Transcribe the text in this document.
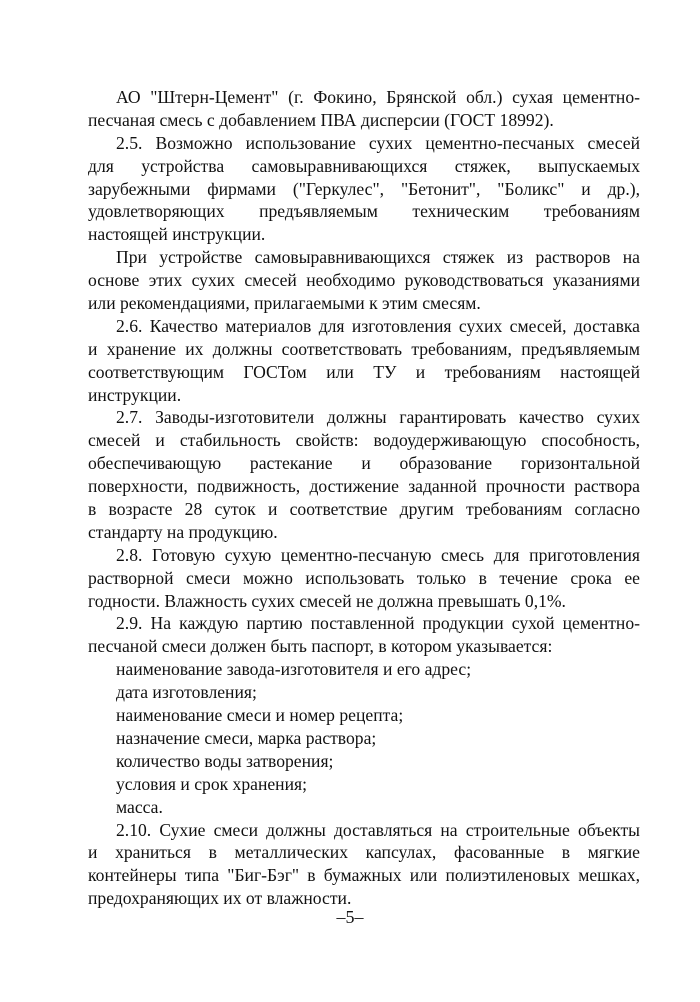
АО "Штерн-Цемент" (г. Фокино, Брянской обл.) сухая цементно-
песчаная смесь с добавлением ПВА дисперсии (ГОСТ 18992).
2.5. Возможно использование сухих цементно-песчаных смесей
для устройства самовыравнивающихся стяжек, выпускаемых
зарубежными фирмами ("Геркулес", "Бетонит", "Боликс" и др.),
удовлетворяющих предъявляемым техническим требованиям
настоящей инструкции.
При устройстве самовыравнивающихся стяжек из растворов на
основе этих сухих смесей необходимо руководствоваться указаниями
или рекомендациями, прилагаемыми к этим смесям.
2.6. Качество материалов для изготовления сухих смесей, доставка
и хранение их должны соответствовать требованиям, предъявляемым
соответствующим ГОСТом или ТУ и требованиям настоящей
инструкции.
2.7. Заводы-изготовители должны гарантировать качество сухих
смесей и стабильность свойств: водоудерживающую способность,
обеспечивающую растекание и образование горизонтальной
поверхности, подвижность, достижение заданной прочности раствора
в возрасте 28 суток и соответствие другим требованиям согласно
стандарту на продукцию.
2.8. Готовую сухую цементно-песчаную смесь для приготовления
растворной смеси можно использовать только в течение срока ее
годности. Влажность сухих смесей не должна превышать 0,1%.
2.9. На каждую партию поставленной продукции сухой цементно-
песчаной смеси должен быть паспорт, в котором указывается:
наименование завода-изготовителя и его адрес;
дата изготовления;
наименование смеси и номер рецепта;
назначение смеси, марка раствора;
количество воды затворения;
условия и срок хранения;
масса.
2.10. Сухие смеси должны доставляться на строительные объекты
и храниться в металлических капсулах, фасованные в мягкие
контейнеры типа "Биг-Бэг" в бумажных или полиэтиленовых мешках,
предохраняющих их от влажности.
–5–
